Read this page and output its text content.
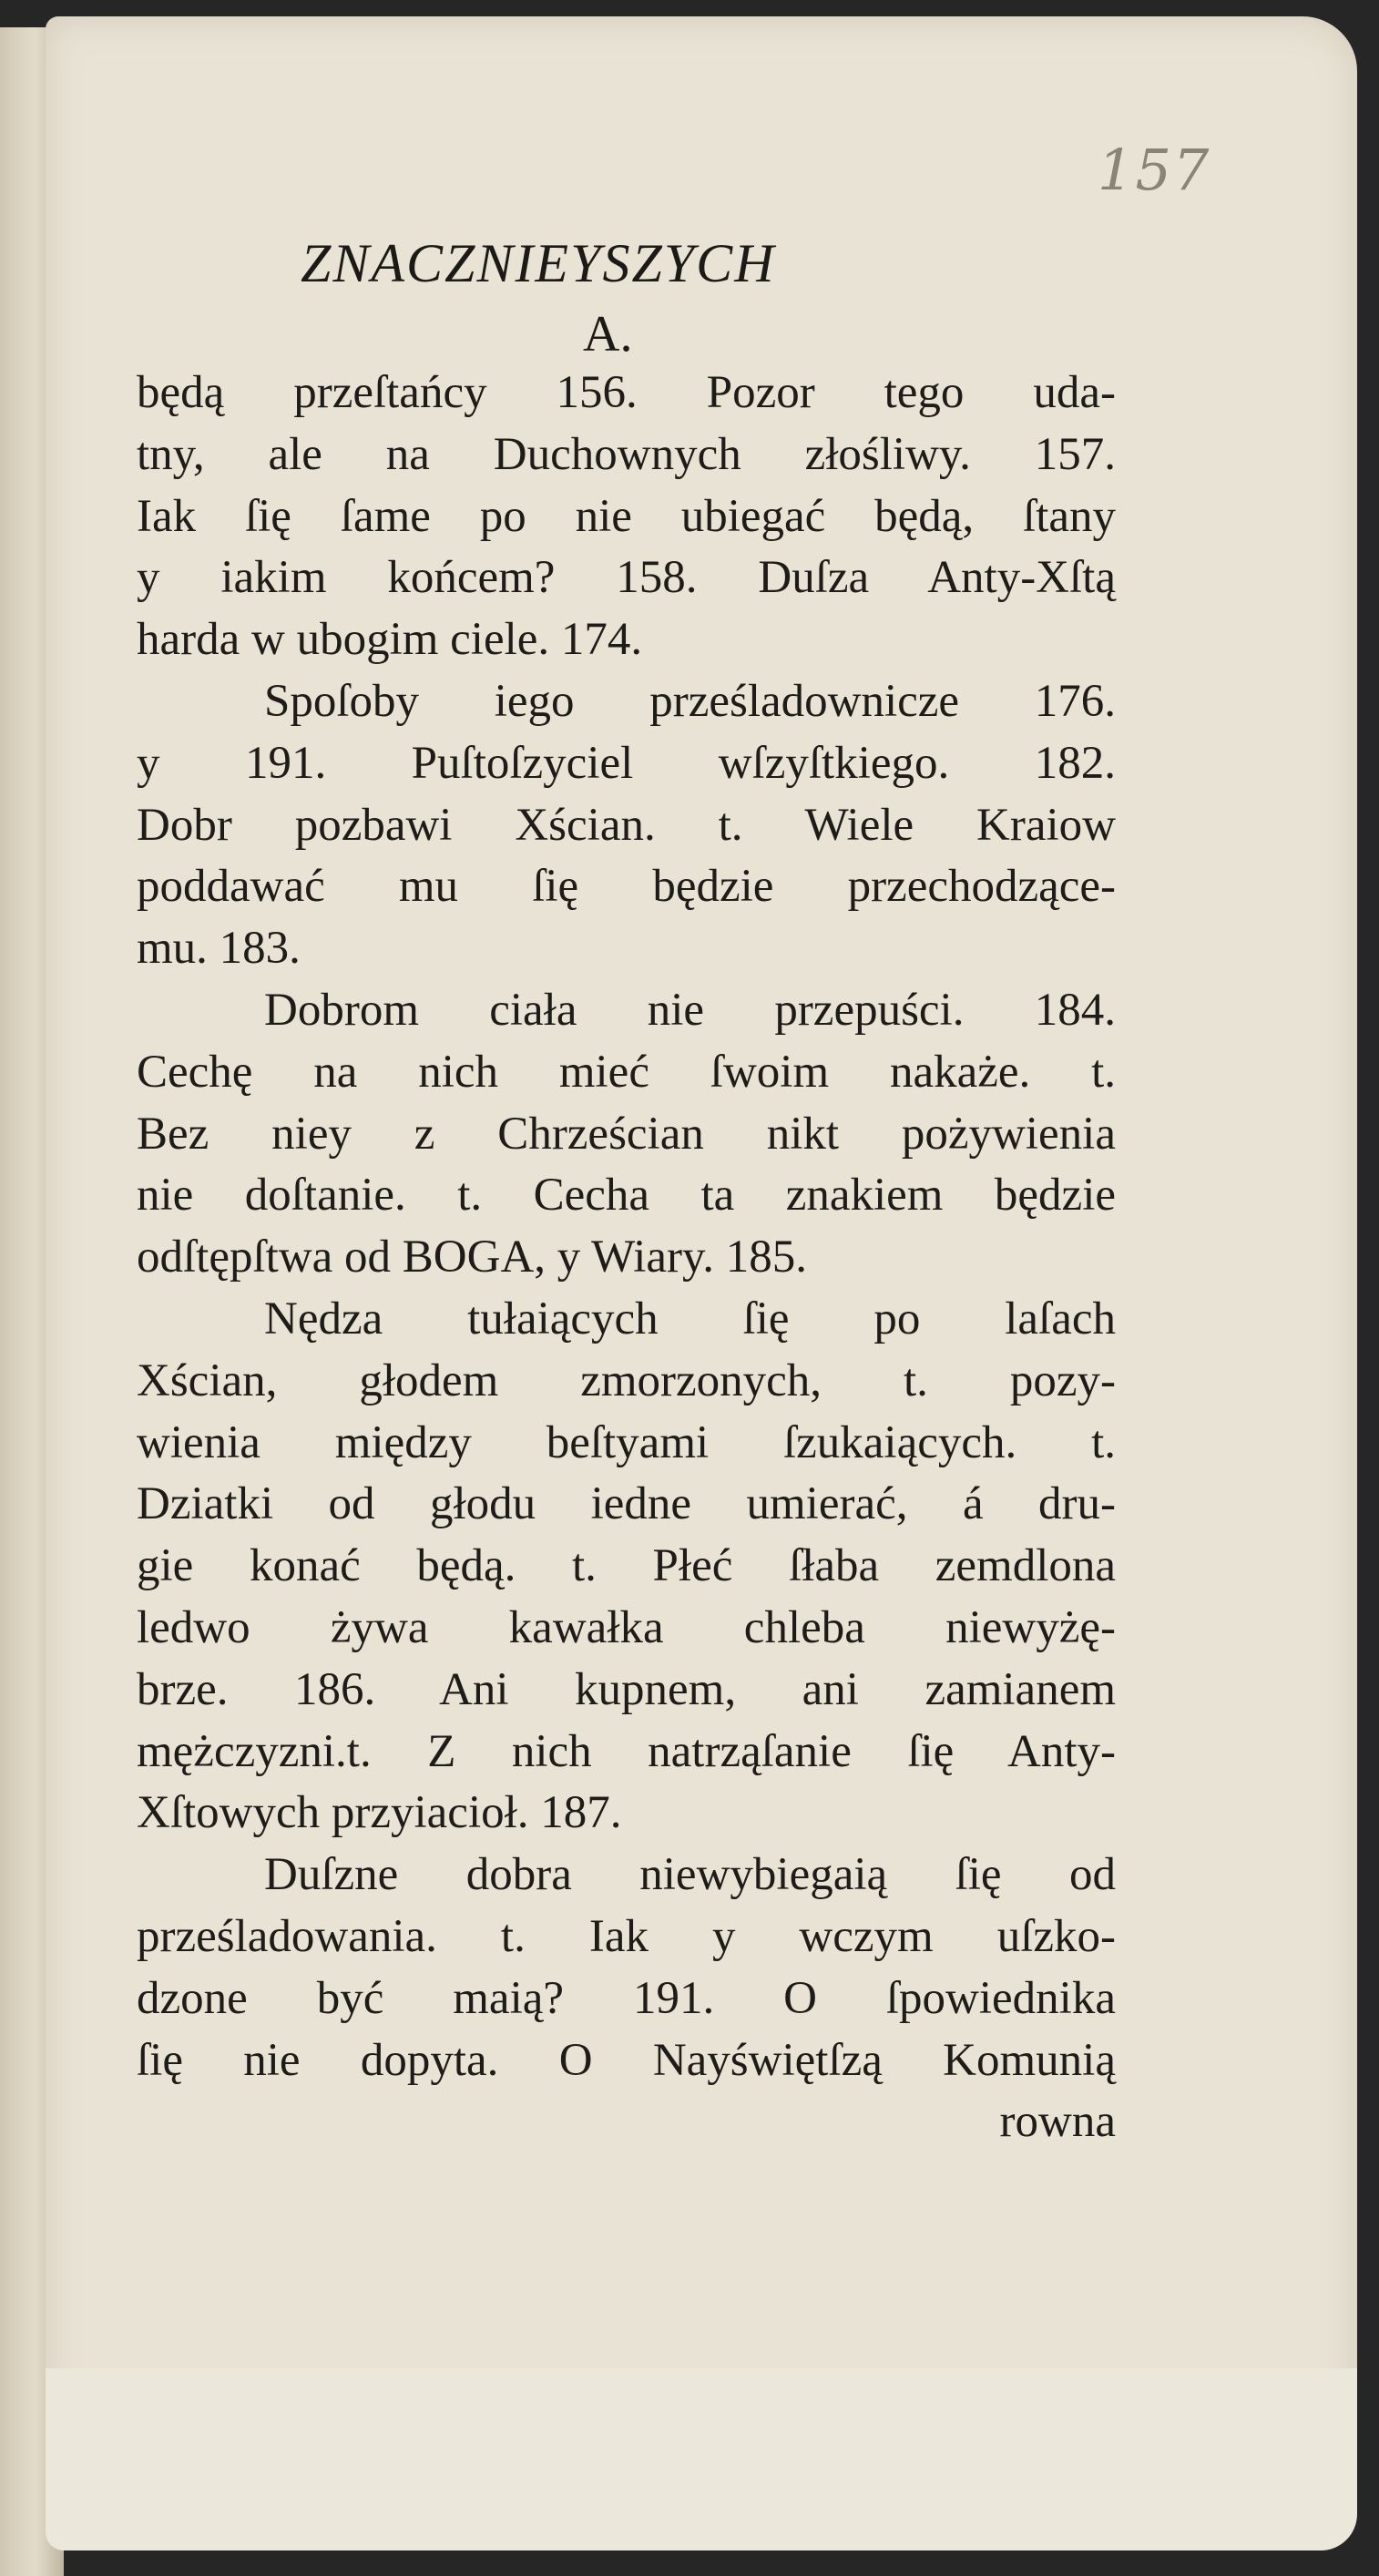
157
ZNACZNIEYSZYCH
A.
będą przeſtańcy 156. Pozor tego uda-
tny, ale na Duchownych złośliwy. 157.
Iak ſię ſame po nie ubiegać będą, ſtany
y iakim końcem? 158. Duſza Anty-Xſtą
harda w ubogim ciele. 174.
Spoſoby iego prześladownicze 176.
y 191. Puſtoſzyciel wſzyſtkiego. 182.
Dobr pozbawi Xścian. t. Wiele Kraiow
poddawać mu ſię będzie przechodzące-
mu. 183.
Dobrom ciała nie przepuści. 184.
Cechę na nich mieć ſwoim nakaże. t.
Bez niey z Chrześcian nikt pożywienia
nie doſtanie. t. Cecha ta znakiem będzie
odſtępſtwa od BOGA, y Wiary. 185.
Nędza tułaiących ſię po laſach
Xścian, głodem zmorzonych, t. pozy-
wienia między beſtyami ſzukaiących. t.
Dziatki od głodu iedne umierać, á dru-
gie konać będą. t. Płeć ſłaba zemdlona
ledwo żywa kawałka chleba niewyżę-
brze. 186. Ani kupnem, ani zamianem
mężczyzni.t. Z nich natrząſanie ſię Anty-
Xſtowych przyiacioł. 187.
Duſzne dobra niewybiegaią ſię od
prześladowania. t. Iak y wczym uſzko-
dzone być maią? 191. O ſpowiednika
ſię nie dopyta. O Nayświętſzą Komunią
rowna
